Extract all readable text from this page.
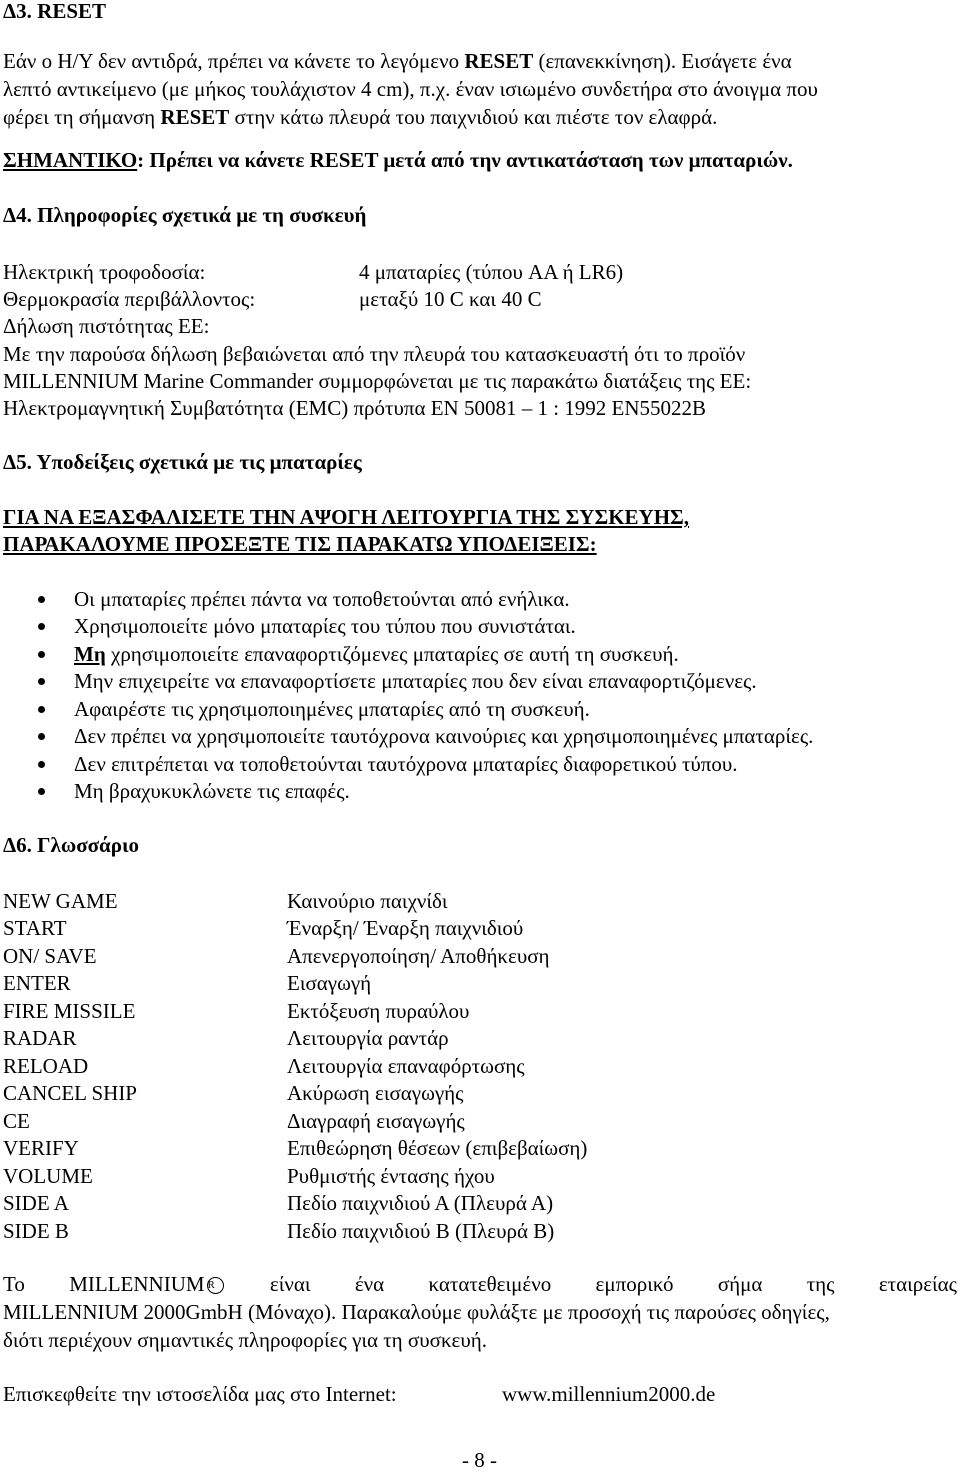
Δ3. RESET
Εάν ο Η/Υ δεν αντιδρά, πρέπει να κάνετε το λεγόμενο RESET (επανεκκίνηση). Εισάγετε ένα
λεπτό αντικείμενο (με μήκος τουλάχιστον 4 cm), π.χ. έναν ισιωμένο συνδετήρα στο άνοιγμα που
φέρει τη σήμανση RESET στην κάτω πλευρά του παιχνιδιού και πιέστε τον ελαφρά.
ΣΗΜΑΝΤΙΚΟ: Πρέπει να κάνετε RESET μετά από την αντικατάσταση των μπαταριών.
Δ4. Πληροφορίες σχετικά με τη συσκευή
Ηλεκτρική τροφοδοσία:	4 μπαταρίες (τύπου AA ή LR6)
Θερμοκρασία περιβάλλοντος:	μεταξύ 10 C και 40 C
Δήλωση πιστότητας ΕΕ:
Με την παρούσα δήλωση βεβαιώνεται από την πλευρά του κατασκευαστή ότι το προϊόν
MILLENNIUM Marine Commander συμμορφώνεται με τις παρακάτω διατάξεις της ΕΕ:
Ηλεκτρομαγνητική Συμβατότητα (EMC) πρότυπα EN 50081 – 1 : 1992 EN55022B
Δ5. Υποδείξεις σχετικά με τις μπαταρίες
ΓΙΑ ΝΑ ΕΞΑΣΦΑΛΙΣΕΤΕ ΤΗΝ ΑΨΟΓΗ ΛΕΙΤΟΥΡΓΙΑ ΤΗΣ ΣΥΣΚΕΥΗΣ,
ΠΑΡΑΚΑΛΟΥΜΕ ΠΡΟΣΕΞΤΕ ΤΙΣ ΠΑΡΑΚΑΤΩ ΥΠΟΔΕΙΞΕΙΣ:
Οι μπαταρίες πρέπει πάντα να τοποθετούνται από ενήλικα.
Χρησιμοποιείτε μόνο μπαταρίες του τύπου που συνιστάται.
Μη χρησιμοποιείτε επαναφορτιζόμενες μπαταρίες σε αυτή τη συσκευή.
Μην επιχειρείτε να επαναφορτίσετε μπαταρίες που δεν είναι επαναφορτιζόμενες.
Αφαιρέστε τις χρησιμοποιημένες μπαταρίες από τη συσκευή.
Δεν πρέπει να χρησιμοποιείτε ταυτόχρονα καινούριες και χρησιμοποιημένες μπαταρίες.
Δεν επιτρέπεται να τοποθετούνται ταυτόχρονα μπαταρίες διαφορετικού τύπου.
Μη βραχυκυκλώνετε τις επαφές.
Δ6. Γλωσσάριο
NEW GAME	Καινούριο παιχνίδι
START	Έναρξη/ Έναρξη παιχνιδιού
ON/ SAVE	Απενεργοποίηση/ Αποθήκευση
ENTER	Εισαγωγή
FIRE MISSILE	Εκτόξευση πυραύλου
RADAR	Λειτουργία ραντάρ
RELOAD	Λειτουργία επαναφόρτωσης
CANCEL SHIP	Ακύρωση εισαγωγής
CE	Διαγραφή εισαγωγής
VERIFY	Επιθεώρηση θέσεων (επιβεβαίωση)
VOLUME	Ρυθμιστής έντασης ήχου
SIDE A	Πεδίο παιχνιδιού Α (Πλευρά Α)
SIDE B	Πεδίο παιχνιδιού Β (Πλευρά Β)
Το MILLENNIUM R	είναι ένα κατατεθειμένο εμπορικό σήμα της εταιρείας
MILLENNIUM 2000GmbH (Μόναχο). Παρακαλούμε φυλάξτε με προσοχή τις παρούσες οδηγίες,
διότι περιέχουν σημαντικές πληροφορίες για τη συσκευή.
Επισκεφθείτε την ιστοσελίδα μας στο Internet:	www.millennium2000.de
- 8 -
